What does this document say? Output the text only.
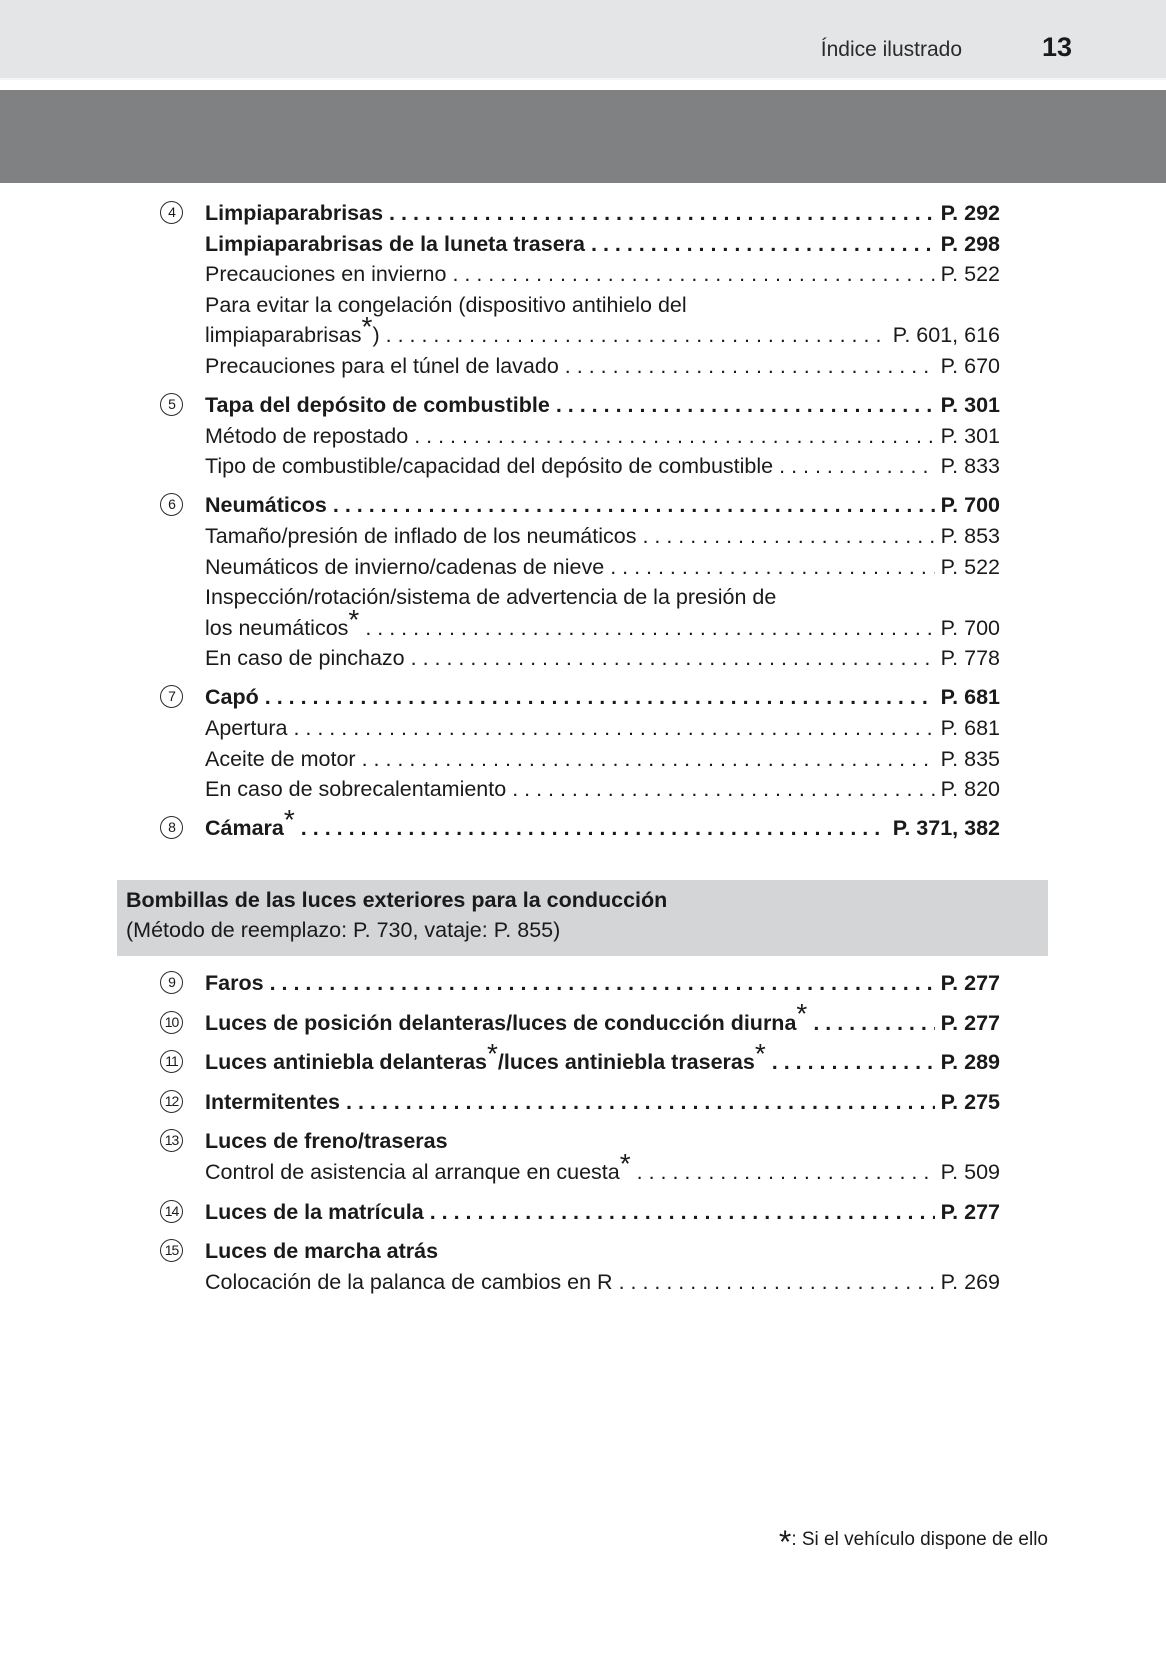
Índice ilustrado	13
4	Limpiaparabrisas . . .	P. 292
Limpiaparabrisas de la luneta trasera . . .	P. 298
Precauciones en invierno . . .	P. 522
Para evitar la congelación (dispositivo antihielo del
limpiaparabrisas*) . . .	P. 601, 616
Precauciones para el túnel de lavado . . .	P. 670
5	Tapa del depósito de combustible . . .	P. 301
Método de repostado . . .	P. 301
Tipo de combustible/capacidad del depósito de combustible . . .	P. 833
6	Neumáticos . . .	P. 700
Tamaño/presión de inflado de los neumáticos . . .	P. 853
Neumáticos de invierno/cadenas de nieve . . .	P. 522
Inspección/rotación/sistema de advertencia de la presión de
los neumáticos* . . .	P. 700
En caso de pinchazo . . .	P. 778
7	Capó . . .	P. 681
Apertura . . .	P. 681
Aceite de motor . . .	P. 835
En caso de sobrecalentamiento . . .	P. 820
8	Cámara* . . .	P. 371, 382
Bombillas de las luces exteriores para la conducción
(Método de reemplazo: P. 730, vataje: P. 855)
9	Faros . . .	P. 277
10 Luces de posición delanteras/luces de conducción diurna* . . .	P. 277
11 Luces antiniebla delanteras*/luces antiniebla traseras* . . .	P. 289
12 Intermitentes . . .	P. 275
13 Luces de freno/traseras
Control de asistencia al arranque en cuesta* . . .	P. 509
14 Luces de la matrícula . . .	P. 277
15 Luces de marcha atrás
Colocación de la palanca de cambios en R . . .	P. 269
*: Si el vehículo dispone de ello
